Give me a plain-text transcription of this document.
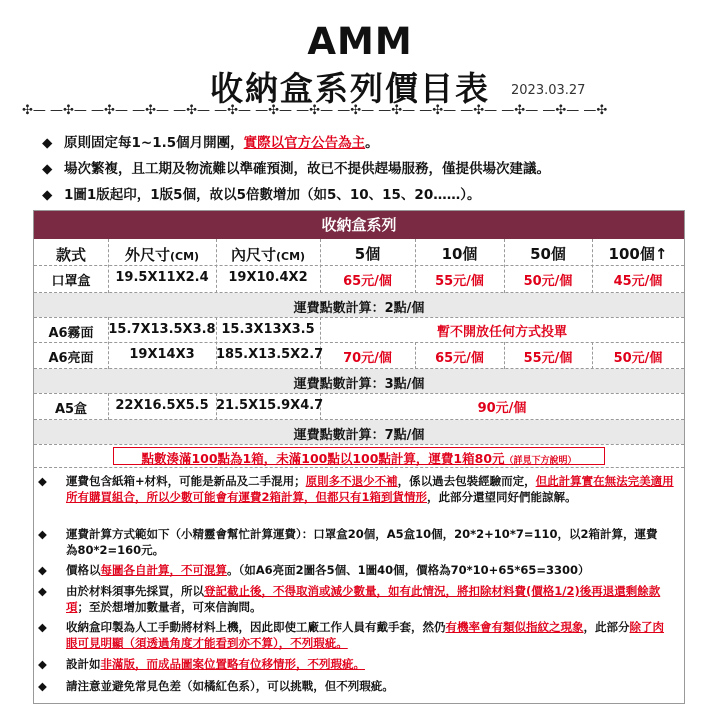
AMM
收納盒系列價目表 2023.03.27
✣— —✣— —✣— —✣— —✣— —✣— —✣— —✣— —✣— —✣— —✣— —✣— —✣— —✣— —✣
◆ 原則固定每1~1.5個月開團，實際以官方公告為主。
◆ 場次繁複，且工期及物流難以準確預測，故已不提供趕場服務，僅提供場次建議。
◆ 1圖1版起印，1版5個，故以5倍數增加（如5、10、15、20……）。
收納盒系列
款式	外尺寸(CM)	內尺寸(CM)	5個	10個	50個	100個↑
口罩盒	19.5X11X2.4	19X10.4X2	65元/個	55元/個	50元/個	45元/個
運費點數計算：2點/個
A6霧面	15.7X13.5X3.8 15.3X13X3.5	暫不開放任何方式投單
A6亮面	19X14X3	185.X13.5X2.7	70元/個	65元/個	55元/個	50元/個
運費點數計算：3點/個
A5盒	22X16.5X5.5 21.5X15.9X4.7	90元/個
運費點數計算：7點/個
點數湊滿100點為1箱，未滿100點以100點計算，運費1箱80元（詳見下方說明）
◆ 運費包含紙箱+材料，可能是新品及二手混用；原則多不退少不補，係以過去包裝經驗而定，但此計算實在無法完美適用所有購買組合，所以少數可能會有運費2箱計算，但都只有1箱到貨情形，此部分還望同好們能諒解。
◆ 運費計算方式範如下（小精靈會幫忙計算運費）：口罩盒20個，A5盒10個，20*2+10*7=110，以2箱計算，運費為80*2=160元。
◆ 價格以每圖各自計算，不可混算。（如A6亮面2圖各5個、1圖40個，價格為70*10+65*65=3300）
◆ 由於材料須事先採買，所以登記截止後，不得取消或減少數量，如有此情況，將扣除材料費(價格1/2)後再退還剩餘款項；至於想增加數量者，可來信詢問。
◆ 收納盒印製為人工手動將材料上機，因此即使工廠工作人員有戴手套，然仍有機率會有類似指紋之現象，此部分除了肉眼可見明顯（須透過角度才能看到亦不算），不列瑕疵。
◆ 設計如非滿版，而成品圖案位置略有位移情形，不列瑕疵。
◆ 請注意並避免常見色差（如橘紅色系），可以挑戰，但不列瑕疵。
